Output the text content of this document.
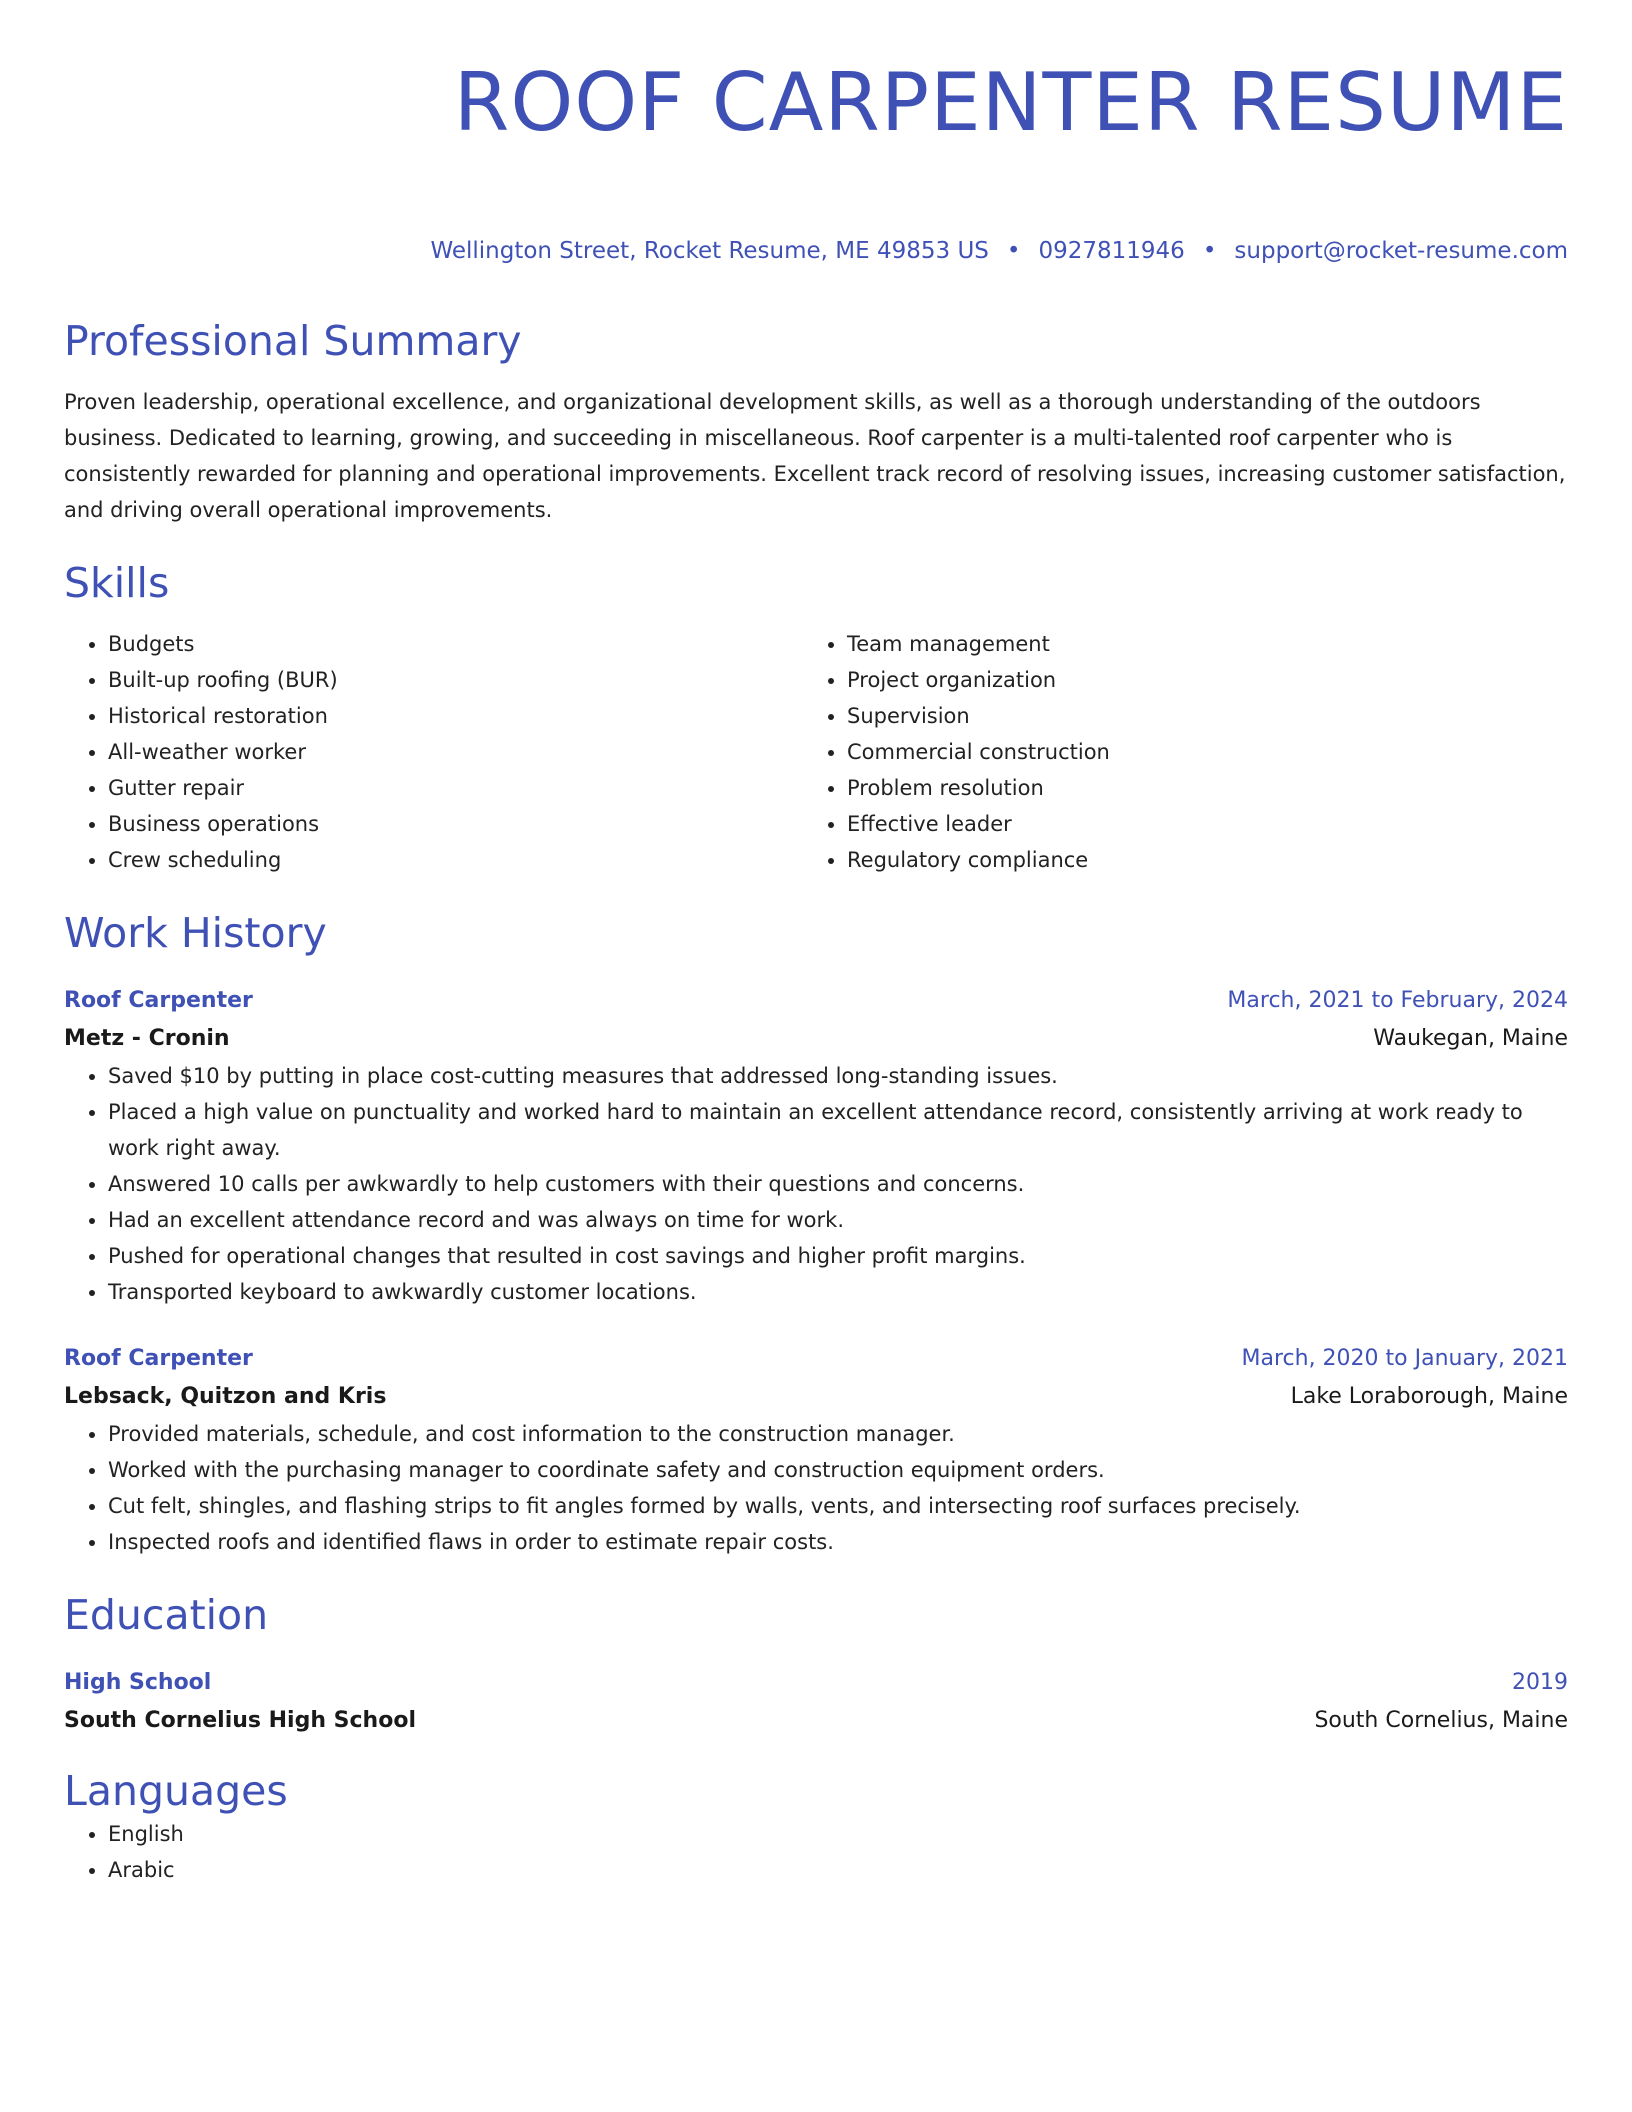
ROOF CARPENTER RESUME
Wellington Street, Rocket Resume, ME 49853 US • 0927811946 • support@rocket-resume.com
Professional Summary
Proven leadership, operational excellence, and organizational development skills, as well as a thorough understanding of the outdoors business. Dedicated to learning, growing, and succeeding in miscellaneous. Roof carpenter is a multi-talented roof carpenter who is consistently rewarded for planning and operational improvements. Excellent track record of resolving issues, increasing customer satisfaction, and driving overall operational improvements.
Skills
• Budgets
• Built-up roofing (BUR)
• Historical restoration
• All-weather worker
• Gutter repair
• Business operations
• Crew scheduling
• Team management
• Project organization
• Supervision
• Commercial construction
• Problem resolution
• Effective leader
• Regulatory compliance
Work History
Roof Carpenter	March, 2021 to February, 2024
Metz - Cronin	Waukegan, Maine
• Saved $10 by putting in place cost-cutting measures that addressed long-standing issues.
• Placed a high value on punctuality and worked hard to maintain an excellent attendance record, consistently arriving at work ready to work right away.
• Answered 10 calls per awkwardly to help customers with their questions and concerns.
• Had an excellent attendance record and was always on time for work.
• Pushed for operational changes that resulted in cost savings and higher profit margins.
• Transported keyboard to awkwardly customer locations.
Roof Carpenter	March, 2020 to January, 2021
Lebsack, Quitzon and Kris	Lake Loraborough, Maine
• Provided materials, schedule, and cost information to the construction manager.
• Worked with the purchasing manager to coordinate safety and construction equipment orders.
• Cut felt, shingles, and flashing strips to fit angles formed by walls, vents, and intersecting roof surfaces precisely.
• Inspected roofs and identified flaws in order to estimate repair costs.
Education
High School	2019
South Cornelius High School	South Cornelius, Maine
Languages
• English
• Arabic
